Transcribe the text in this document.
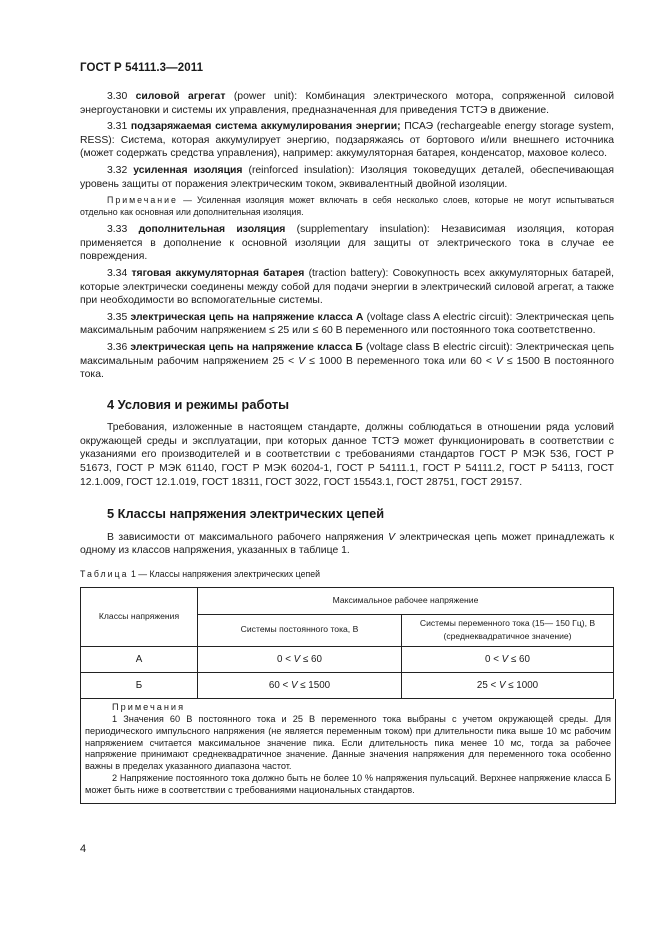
ГОСТ Р 54111.3—2011

3.30 силовой агрегат (power unit): Комбинация электрического мотора, сопряженной силовой энергоустановки и системы их управления, предназначенная для приведения ТСТЭ в движение.

3.31 подзаряжаемая система аккумулирования энергии; ПСАЭ (rechargeable energy storage system, RESS): Система, которая аккумулирует энергию, подзаряжаясь от бортового и/или внешнего источника (может содержать средства управления), например: аккумуляторная батарея, конденсатор, маховое колесо.

3.32 усиленная изоляция (reinforced insulation): Изоляция токоведущих деталей, обеспечивающая уровень защиты от поражения электрическим током, эквивалентный двойной изоляции.

Примечание — Усиленная изоляция может включать в себя несколько слоев, которые не могут испытываться отдельно как основная или дополнительная изоляция.

3.33 дополнительная изоляция (supplementary insulation): Независимая изоляция, которая применяется в дополнение к основной изоляции для защиты от электрического тока в случае ее повреждения.

3.34 тяговая аккумуляторная батарея (traction battery): Совокупность всех аккумуляторных батарей, которые электрически соединены между собой для подачи энергии в электрический силовой агрегат, а также при необходимости во вспомогательные системы.

3.35 электрическая цепь на напряжение класса А (voltage class A electric circuit): Электрическая цепь максимальным рабочим напряжением ≤ 25 или ≤ 60 В переменного или постоянного тока соответственно.

3.36 электрическая цепь на напряжение класса Б (voltage class B electric circuit): Электрическая цепь максимальным рабочим напряжением 25 < V ≤ 1000 В переменного тока или 60 < V ≤ 1500 В постоянного тока.

4 Условия и режимы работы

Требования, изложенные в настоящем стандарте, должны соблюдаться в отношении ряда условий окружающей среды и эксплуатации, при которых данное ТСТЭ может функционировать в соответствии с указаниями его производителей и в соответствии с требованиями стандартов ГОСТ Р МЭК 536, ГОСТ Р 51673, ГОСТ Р МЭК 61140, ГОСТ Р МЭК 60204-1, ГОСТ Р 54111.1, ГОСТ Р 54111.2, ГОСТ Р 54113, ГОСТ 12.1.009, ГОСТ 12.1.019, ГОСТ 18311, ГОСТ 3022, ГОСТ 15543.1, ГОСТ 28751, ГОСТ 29157.

5 Классы напряжения электрических цепей

В зависимости от максимального рабочего напряжения V электрическая цепь может принадлежать к одному из классов напряжения, указанных в таблице 1.

Таблица 1 — Классы напряжения электрических цепей
Классы напряжения	Максимальное рабочее напряжение	
	Системы постоянного тока, В	Системы переменного тока (15— 150 Гц), В (среднеквадратичное значение)
А	0 < V ≤ 60	0 < V ≤ 60
Б	60 < V ≤ 1500	25 < V ≤ 1000

Примечания

1 Значения 60 В постоянного тока и 25 В переменного тока выбраны с учетом окружающей среды. Для периодического импульсного напряжения (не является переменным током) при длительности пика выше 10 мс рабочим напряжением считается максимальное значение пика. Если длительность пика менее 10 мс, тогда за рабочее напряжение принимают среднеквадратичное значение. Данные значения напряжения для переменного тока особенно важны в пределах указанного диапазона частот.

2 Напряжение постоянного тока должно быть не более 10 % напряжения пульсаций. Верхнее напряжение класса Б может быть ниже в соответствии с требованиями национальных стандартов.

4
